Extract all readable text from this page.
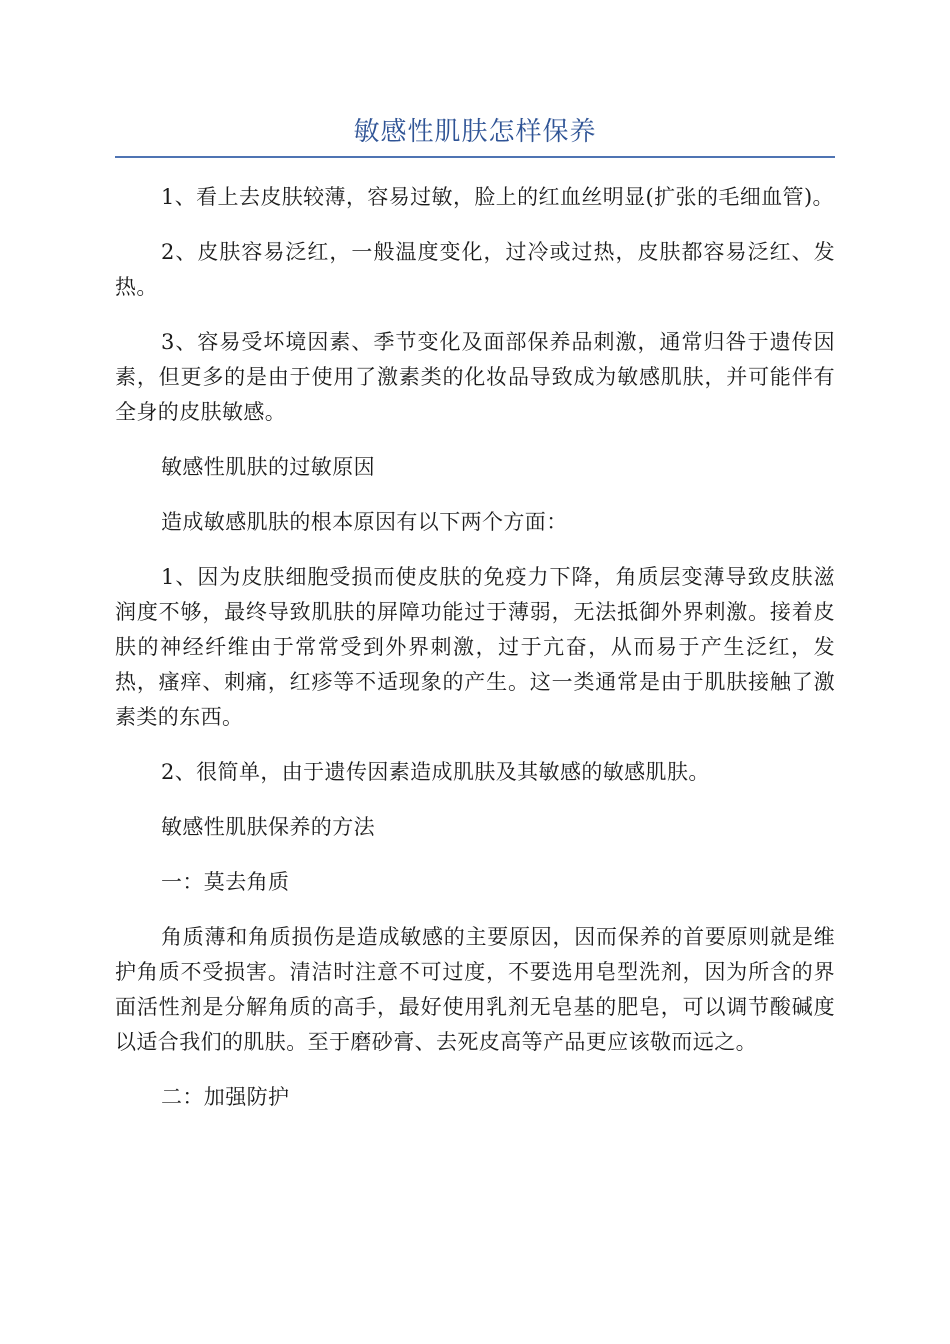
敏感性肌肤怎样保养

1、看上去皮肤较薄，容易过敏，脸上的红血丝明显(扩张的毛细血管)。

2、皮肤容易泛红，一般温度变化，过冷或过热，皮肤都容易泛红、发热。

3、容易受坏境因素、季节变化及面部保养品刺激，通常归咎于遗传因素，但更多的是由于使用了激素类的化妆品导致成为敏感肌肤，并可能伴有全身的皮肤敏感。

敏感性肌肤的过敏原因

造成敏感肌肤的根本原因有以下两个方面：

1、因为皮肤细胞受损而使皮肤的免疫力下降，角质层变薄导致皮肤滋润度不够，最终导致肌肤的屏障功能过于薄弱，无法抵御外界刺激。接着皮肤的神经纤维由于常常受到外界刺激，过于亢奋，从而易于产生泛红，发热，瘙痒、刺痛，红疹等不适现象的产生。这一类通常是由于肌肤接触了激素类的东西。

2、很简单，由于遗传因素造成肌肤及其敏感的敏感肌肤。

敏感性肌肤保养的方法

一：莫去角质

角质薄和角质损伤是造成敏感的主要原因，因而保养的首要原则就是维护角质不受损害。清洁时注意不可过度，不要选用皂型洗剂，因为所含的界面活性剂是分解角质的高手，最好使用乳剂无皂基的肥皂，可以调节酸碱度以适合我们的肌肤。至于磨砂膏、去死皮高等产品更应该敬而远之。

二：加强防护
